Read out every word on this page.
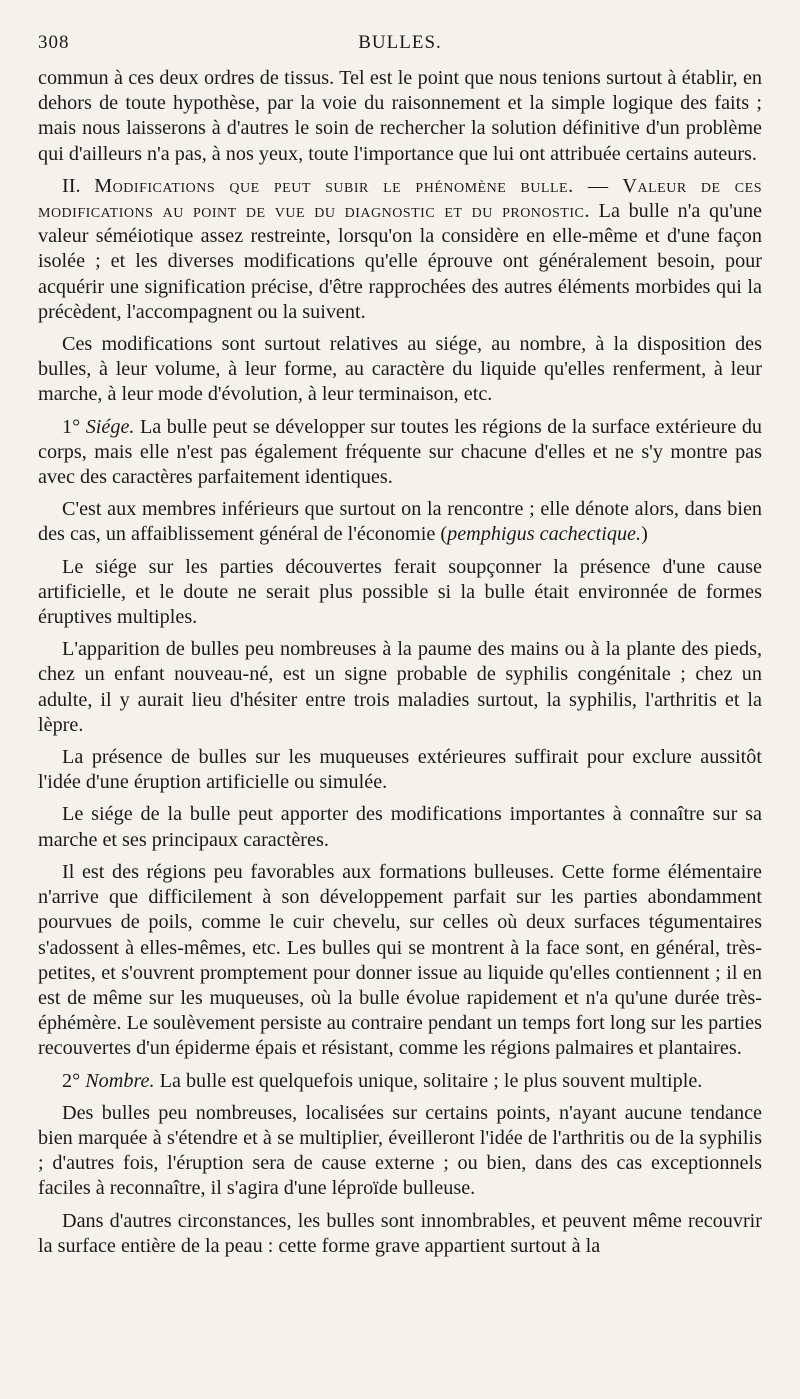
308	BULLES.

commun à ces deux ordres de tissus. Tel est le point que nous tenions surtout à établir, en dehors de toute hypothèse, par la voie du raisonnement et la simple logique des faits ; mais nous laisserons à d'autres le soin de rechercher la solution définitive d'un problème qui d'ailleurs n'a pas, à nos yeux, toute l'importance que lui ont attribuée certains auteurs.

II. Modifications que peut subir le phénomène bulle. — Valeur de ces modifications au point de vue du diagnostic et du pronostic. La bulle n'a qu'une valeur séméiotique assez restreinte, lorsqu'on la considère en elle-même et d'une façon isolée ; et les diverses modifications qu'elle éprouve ont généralement besoin, pour acquérir une signification précise, d'être rapprochées des autres éléments morbides qui la précèdent, l'accompagnent ou la suivent.

Ces modifications sont surtout relatives au siége, au nombre, à la disposition des bulles, à leur volume, à leur forme, au caractère du liquide qu'elles renferment, à leur marche, à leur mode d'évolution, à leur terminaison, etc.

1° Siége. La bulle peut se développer sur toutes les régions de la surface extérieure du corps, mais elle n'est pas également fréquente sur chacune d'elles et ne s'y montre pas avec des caractères parfaitement identiques.

C'est aux membres inférieurs que surtout on la rencontre ; elle dénote alors, dans bien des cas, un affaiblissement général de l'économie (pemphigus cachectique.)

Le siége sur les parties découvertes ferait soupçonner la présence d'une cause artificielle, et le doute ne serait plus possible si la bulle était environnée de formes éruptives multiples.

L'apparition de bulles peu nombreuses à la paume des mains ou à la plante des pieds, chez un enfant nouveau-né, est un signe probable de syphilis congénitale ; chez un adulte, il y aurait lieu d'hésiter entre trois maladies surtout, la syphilis, l'arthritis et la lèpre.

La présence de bulles sur les muqueuses extérieures suffirait pour exclure aussitôt l'idée d'une éruption artificielle ou simulée.

Le siége de la bulle peut apporter des modifications importantes à connaître sur sa marche et ses principaux caractères.

Il est des régions peu favorables aux formations bulleuses. Cette forme élémentaire n'arrive que difficilement à son développement parfait sur les parties abondamment pourvues de poils, comme le cuir chevelu, sur celles où deux surfaces tégumentaires s'adossent à elles-mêmes, etc. Les bulles qui se montrent à la face sont, en général, très-petites, et s'ouvrent promptement pour donner issue au liquide qu'elles contiennent ; il en est de même sur les muqueuses, où la bulle évolue rapidement et n'a qu'une durée très-éphémère. Le soulèvement persiste au contraire pendant un temps fort long sur les parties recouvertes d'un épiderme épais et résistant, comme les régions palmaires et plantaires.

2° Nombre. La bulle est quelquefois unique, solitaire ; le plus souvent multiple.

Des bulles peu nombreuses, localisées sur certains points, n'ayant aucune tendance bien marquée à s'étendre et à se multiplier, éveilleront l'idée de l'arthritis ou de la syphilis ; d'autres fois, l'éruption sera de cause externe ; ou bien, dans des cas exceptionnels faciles à reconnaître, il s'agira d'une léproïde bulleuse.

Dans d'autres circonstances, les bulles sont innombrables, et peuvent même recouvrir la surface entière de la peau : cette forme grave appartient surtout à la
